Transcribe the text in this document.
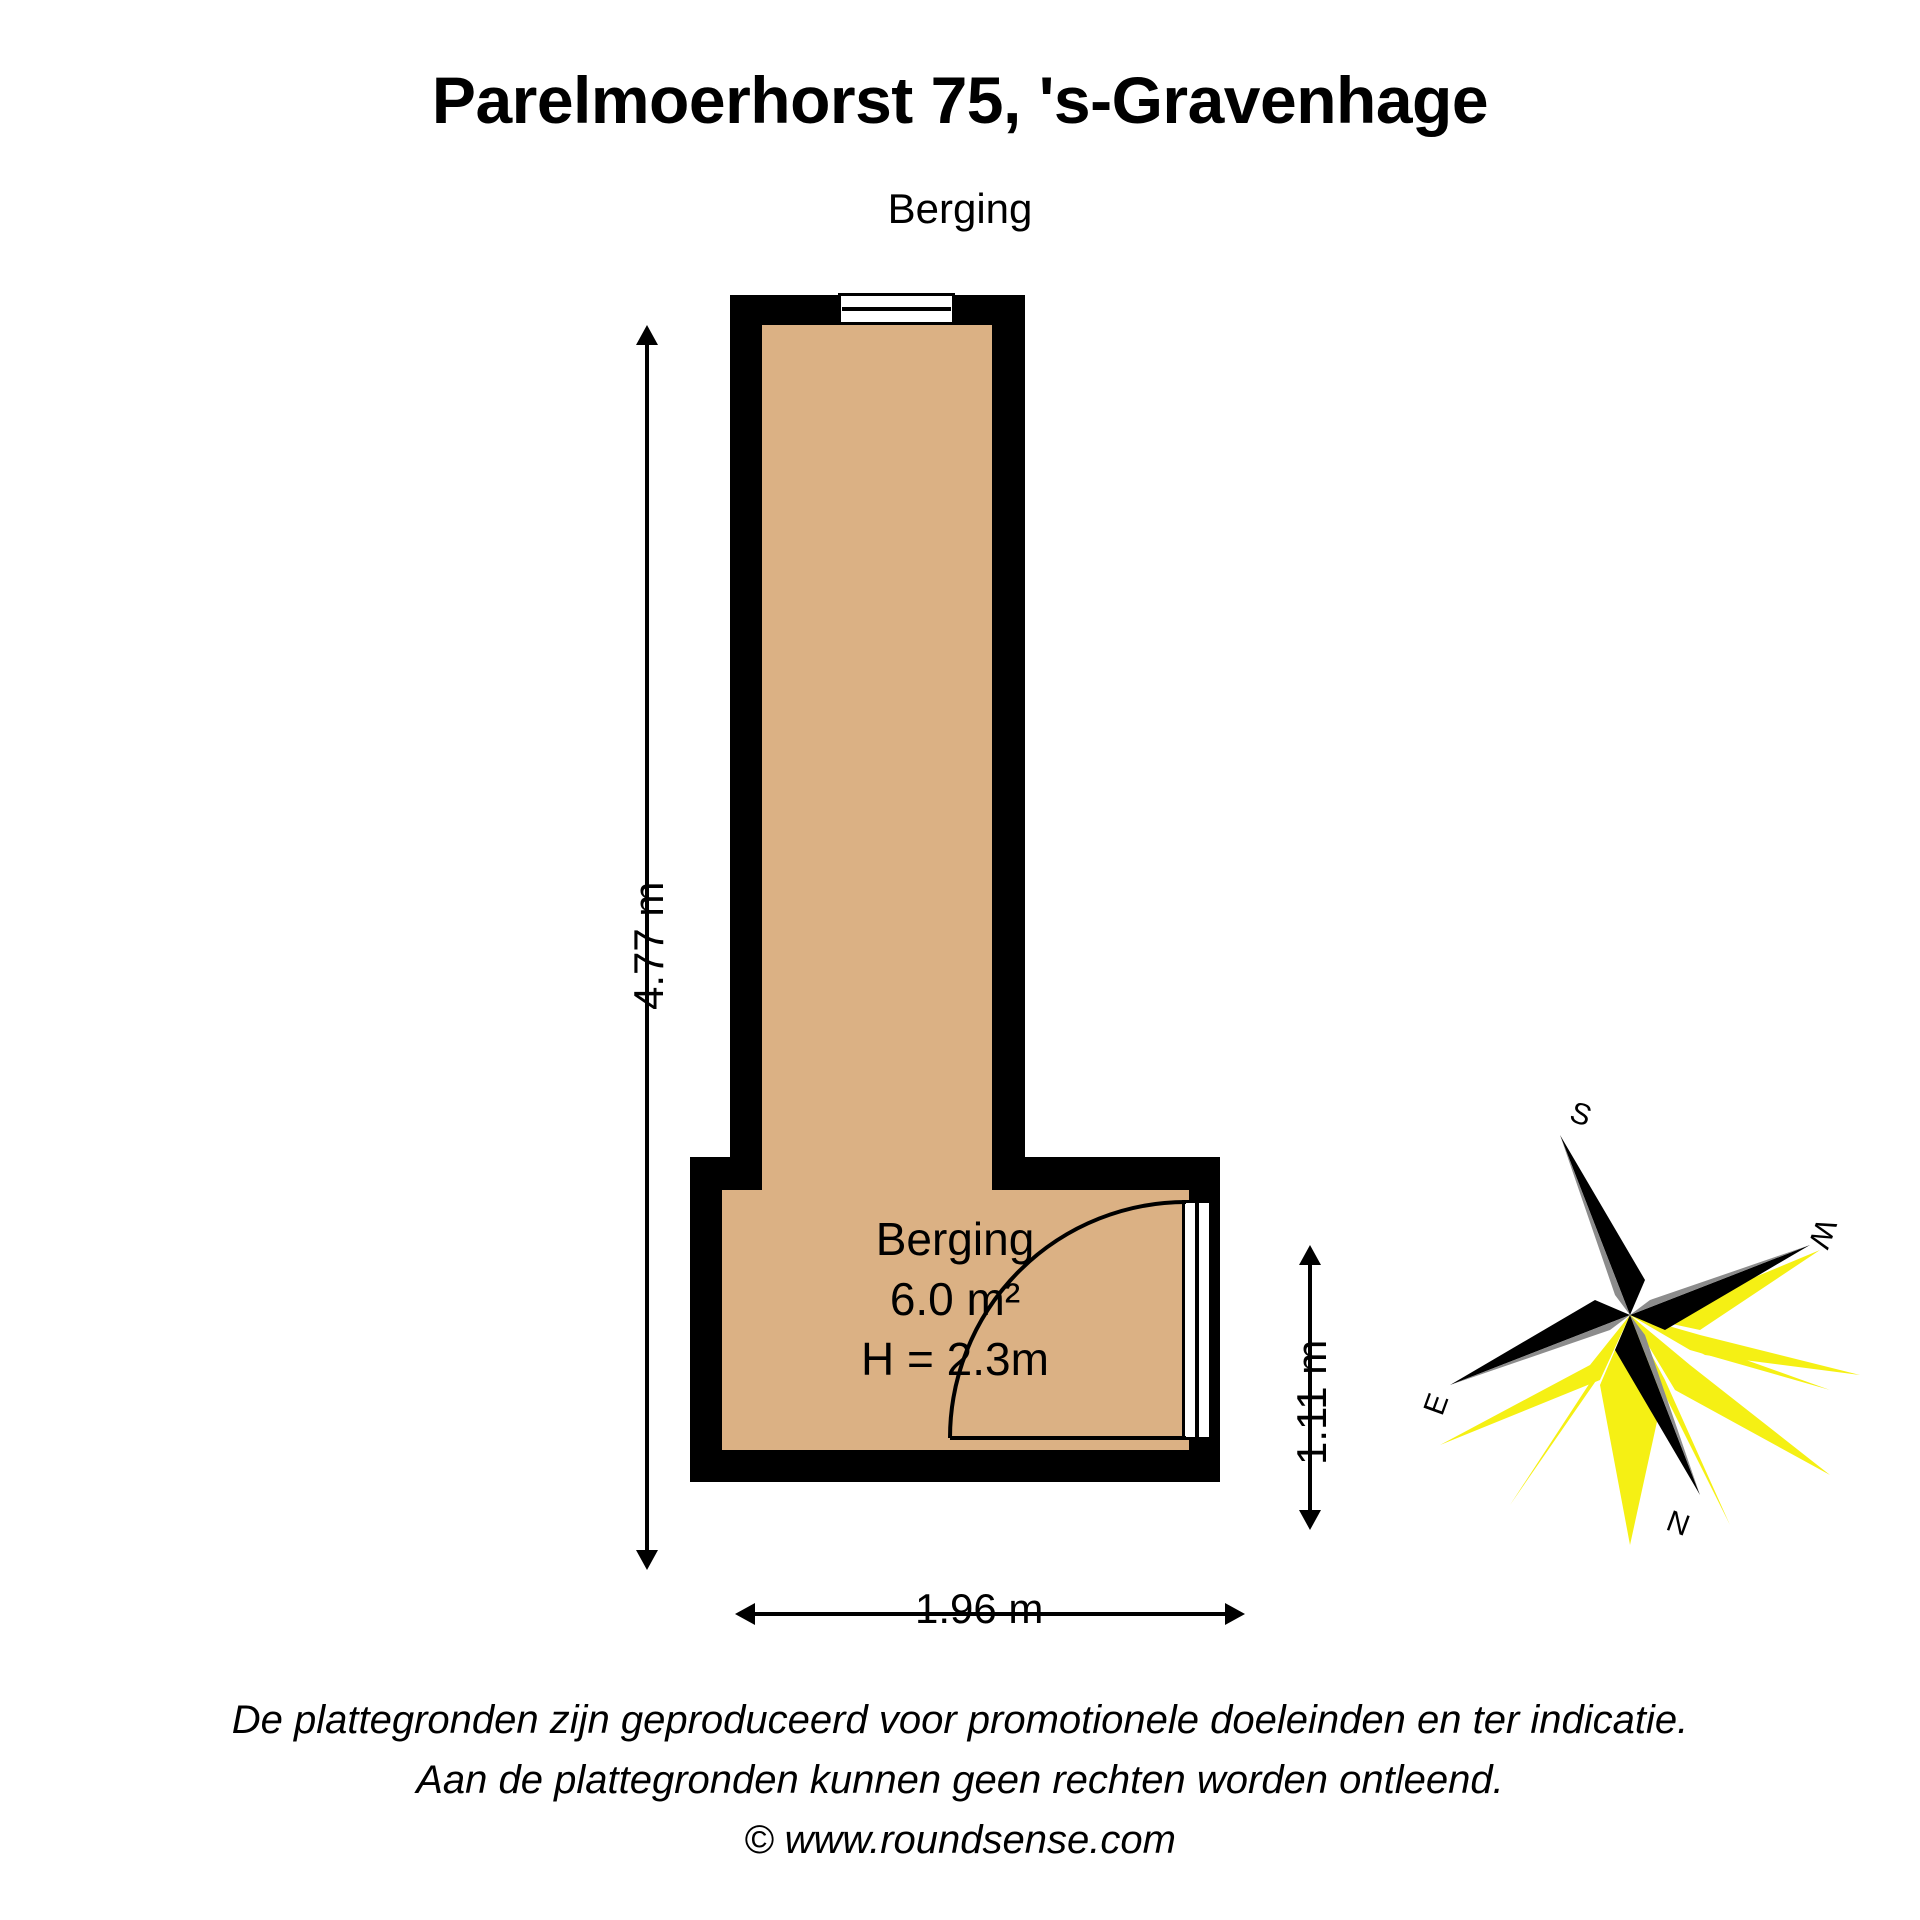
Parelmoerhorst 75, 's-Gravenhage
Berging
Berging
6.0 m²
H = 2.3m
4.77 m
1.11 m
1.96 m
S
W
N
E
De plattegronden zijn geproduceerd voor promotionele doeleinden en ter indicatie.
Aan de plattegronden kunnen geen rechten worden ontleend.
© www.roundsense.com
